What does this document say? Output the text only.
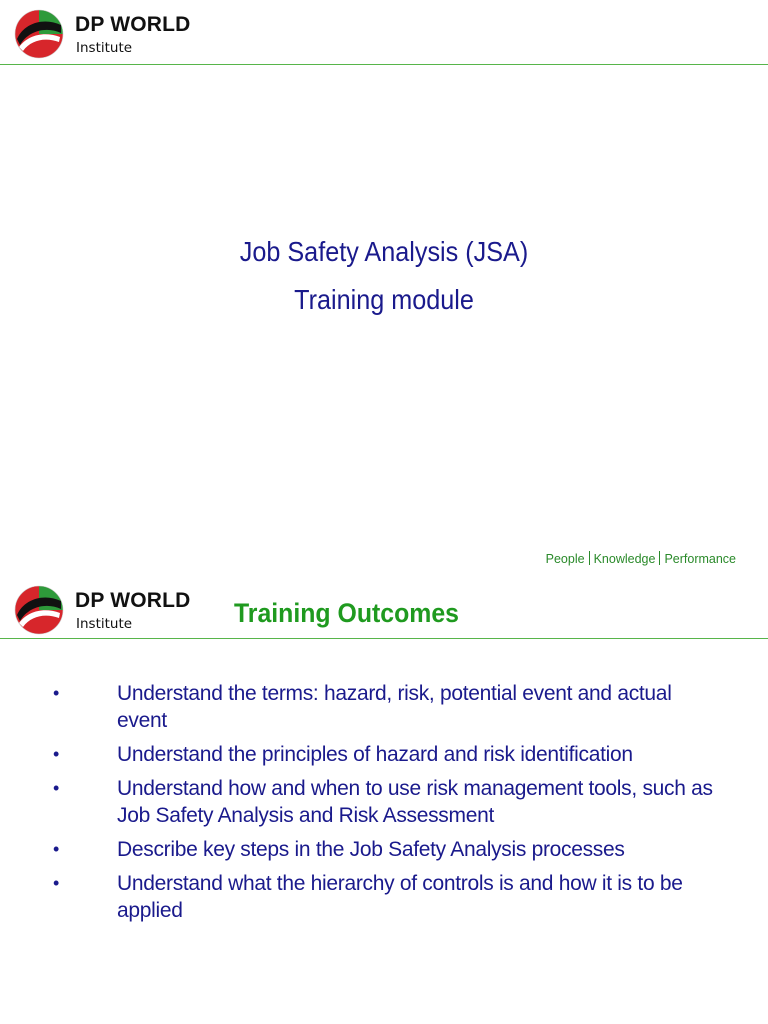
DP WORLD
Institute
Job Safety Analysis (JSA)
Training module
People Knowledge Performance
DP WORLD
Institute	Training Outcomes
•	Understand the terms: hazard, risk, potential event and actual event
•	Understand the principles of hazard and risk identification
•	Understand how and when to use risk management tools, such as Job Safety Analysis and Risk Assessment
•	Describe key steps in the Job Safety Analysis processes
•	Understand what the hierarchy of controls is and how it is to be applied
